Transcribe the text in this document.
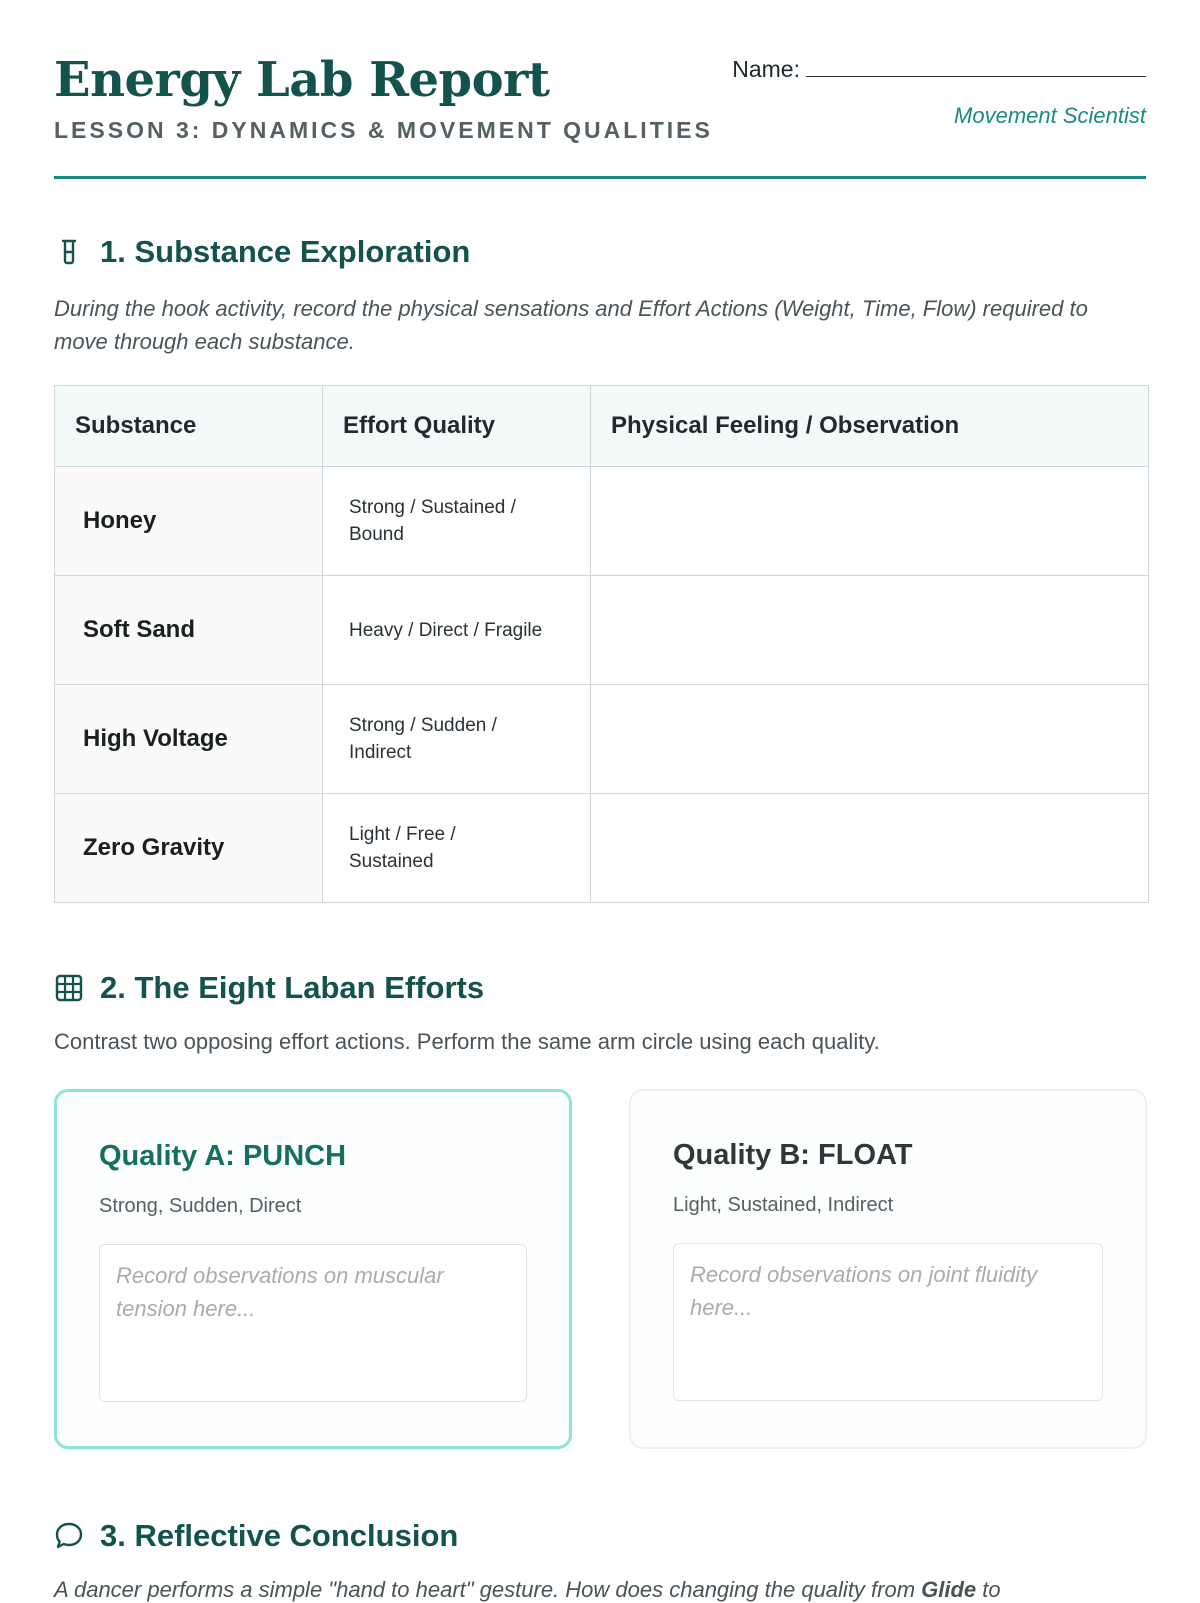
Energy Lab Report
LESSON 3: DYNAMICS & MOVEMENT QUALITIES
Name:
Movement Scientist
1. Substance Exploration
During the hook activity, record the physical sensations and Effort Actions (Weight, Time, Flow) required to move through each substance.
Substance	Effort Quality	Physical Feeling / Observation
Honey	Strong / Sustained /
Bound	
Soft Sand	Heavy / Direct / Fragile	
High Voltage	Strong / Sudden /
Indirect	
Zero Gravity	Light / Free /
Sustained	
2. The Eight Laban Efforts
Contrast two opposing effort actions. Perform the same arm circle using each quality.
Quality A: PUNCH
Strong, Sudden, Direct
Record observations on muscular tension here...
Quality B: FLOAT
Light, Sustained, Indirect
Record observations on joint fluidity here...
3. Reflective Conclusion
A dancer performs a simple "hand to heart" gesture. How does changing the quality from Glide to
